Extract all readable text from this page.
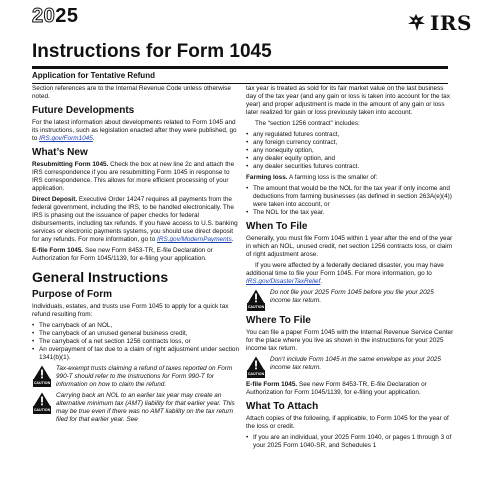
2025	IRS
Instructions for Form 1045
Application for Tentative Refund

Section references are to the Internal Revenue Code unless otherwise noted.

Future Developments

For the latest information about developments related to Form 1045 and its instructions, such as legislation enacted after they were published, go to IRS.gov/Form1045.

What’s New

Resubmitting Form 1045. Check the box at new line 2c and attach the IRS correspondence if you are resubmitting Form 1045 in response to IRS correspondence. This allows for more efficient processing of your application.

Direct Deposit. Executive Order 14247 requires all payments from the federal government, including the IRS, to be handled electronically. The IRS is phasing out the issuance of paper checks for federal disbursements, including tax refunds. If you have access to U.S. banking services or electronic payments systems, you should use direct deposit for any refunds. For more information, go to IRS.gov/ModernPayments.

E-file Form 1045. See new Form 8453-TR, E-file Declaration or Authorization for Form 1045/1139, for e-filing your application.

General Instructions
Purpose of Form

Individuals, estates, and trusts use Form 1045 to apply for a quick tax refund resulting from:

• The carryback of an NOL,
• The carryback of an unused general business credit,
• The carryback of a net section 1256 contracts loss, or
• An overpayment of tax due to a claim of right adjustment under section 1341(b)(1).
CAUTION
Tax-exempt trusts claiming a refund of taxes reported on Form 990-T should refer to the Instructions for Form 990-T for information on how to claim the refund.
CAUTION
Carrying back an NOL to an earlier tax year may create an alternative minimum tax (AMT) liability for that earlier year. This may be true even if there was no AMT liability on the tax return filed for that earlier year. See

tax year is treated as sold for its fair market value on the last business day of the tax year (and any gain or loss is taken into account for the tax year) and proper adjustment is made in the amount of any gain or loss later realized for gain or loss previously taken into account.

The “section 1256 contract” includes:

• any regulated futures contract,
• any foreign currency contract,
• any nonequity option,
• any dealer equity option, and
• any dealer securities futures contract.

Farming loss. A farming loss is the smaller of:

• The amount that would be the NOL for the tax year if only income and deductions from farming businesses (as defined in section 263A(e)(4)) were taken into account, or
• The NOL for the tax year.
When To File

Generally, you must file Form 1045 within 1 year after the end of the year in which an NOL, unused credit, net section 1256 contracts loss, or claim of right adjustment arose.

If you were affected by a federally declared disaster, you may have additional time to file your Form 1045. For more information, go to IRS.gov/DisasterTaxRelief.

CAUTION
Do not file your 2025 Form 1045 before you file your 2025 income tax return.
Where To File

You can file a paper Form 1045 with the Internal Revenue Service Center for the place where you live as shown in the instructions for your 2025 income tax return.

CAUTION
Don’t include Form 1045 in the same envelope as your 2025 income tax return.

E-file Form 1045. See new Form 8453-TR, E-file Declaration or Authorization for Form 1045/1139, for e-filing your application.

What To Attach

Attach copies of the following, if applicable, to Form 1045 for the year of the loss or credit.

• If you are an individual, your 2025 Form 1040, or pages 1 through 3 of your 2025 Form 1040-SR, and Schedules 1
